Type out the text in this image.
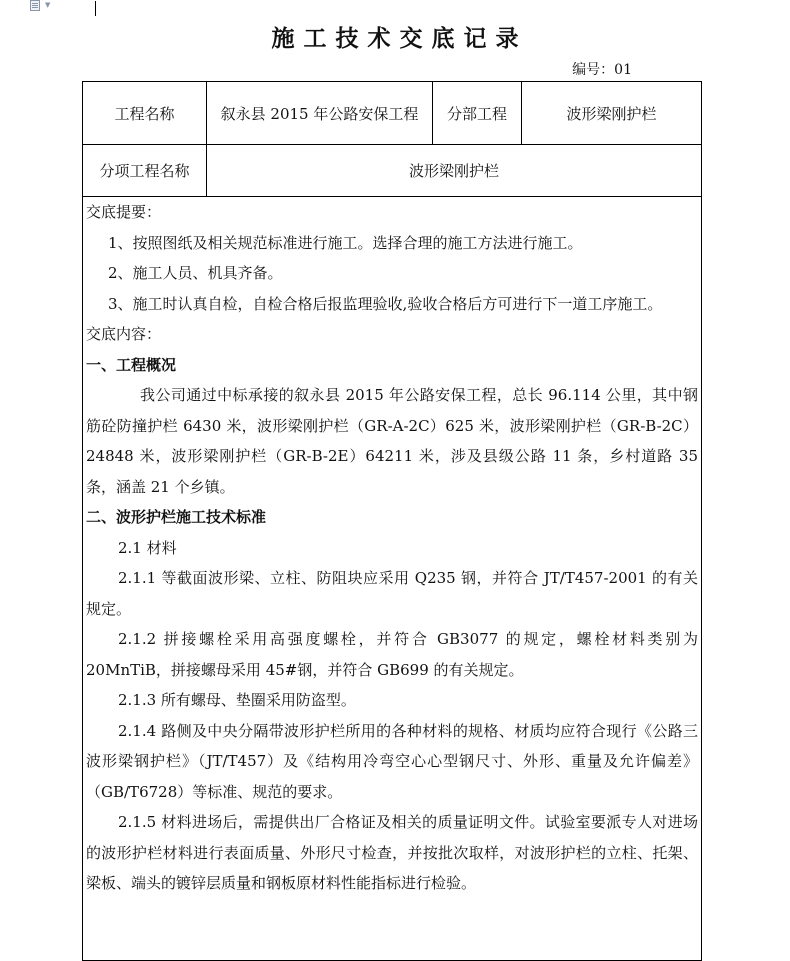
▼
施工技术交底记录
编号：01
工程名称	叙永县 2015 年公路安保工程	分部工程	波形梁刚护栏
分项工程名称	波形梁刚护栏

交底提要：

1、按照图纸及相关规范标准进行施工。选择合理的施工方法进行施工。

2、施工人员、机具齐备。

3、施工时认真自检，自检合格后报监理验收,验收合格后方可进行下一道工序施工。

交底内容：

一、工程概况

我公司通过中标承接的叙永县 2015 年公路安保工程，总长 96.114 公里，其中钢筋砼防撞护栏 6430 米，波形梁刚护栏（GR-A-2C）625 米，波形梁刚护栏（GR-B-2C）24848 米，波形梁刚护栏（GR-B-2E）64211 米，涉及县级公路 11 条，乡村道路 35 条，涵盖 21 个乡镇。

二、波形护栏施工技术标准

2.1 材料

2.1.1 等截面波形梁、立柱、防阻块应采用 Q235 钢，并符合 JT/T457-2001 的有关规定。

2.1.2 拼接螺栓采用高强度螺栓，并符合 GB3077 的规定，螺栓材料类别为 20MnTiB，拼接螺母采用 45#钢，并符合 GB699 的有关规定。

2.1.3 所有螺母、垫圈采用防盗型。

2.1.4 路侧及中央分隔带波形护栏所用的各种材料的规格、材质均应符合现行《公路三波形梁钢护栏》（JT/T457）及《结构用冷弯空心心型钢尺寸、外形、重量及允许偏差》（GB/T6728）等标准、规范的要求。

2.1.5 材料进场后，需提供出厂合格证及相关的质量证明文件。试验室要派专人对进场的波形护栏材料进行表面质量、外形尺寸检查，并按批次取样，对波形护栏的立柱、托架、梁板、端头的镀锌层质量和钢板原材料性能指标进行检验。
